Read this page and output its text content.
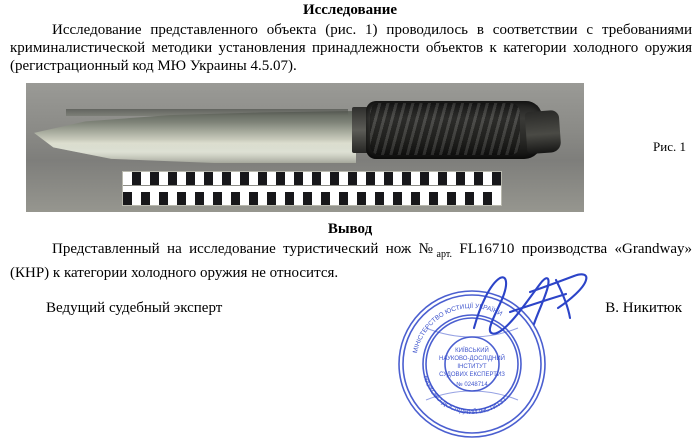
Исследование

Исследование представленного объекта (рис. 1) проводилось в соответствии с требованиями криминалистической методики установления принадлежности объектов к категории холодного оружия (регистрационный код МЮ Украины 4.5.07).

Рис. 1
Вывод

Представленный на исследование туристический нож $№_{арт.}$ FL16710 производства «Grandway» (КНР) к категории холодного оружия не относится.

Ведущий судебный эксперт	В. Никитюк
МІНІСТЕРСТВО ЮСТИЦІЇ УКРАЇНИ
НАУКОВО-ДОСЛІДНИЙ ІНСТИТУТ
КИЇВСЬКИЙ
НАУКОВО-ДОСЛІДНИЙ
ІНСТИТУТ
СУДОВИХ ЕКСПЕРТИЗ
№ 0248714
